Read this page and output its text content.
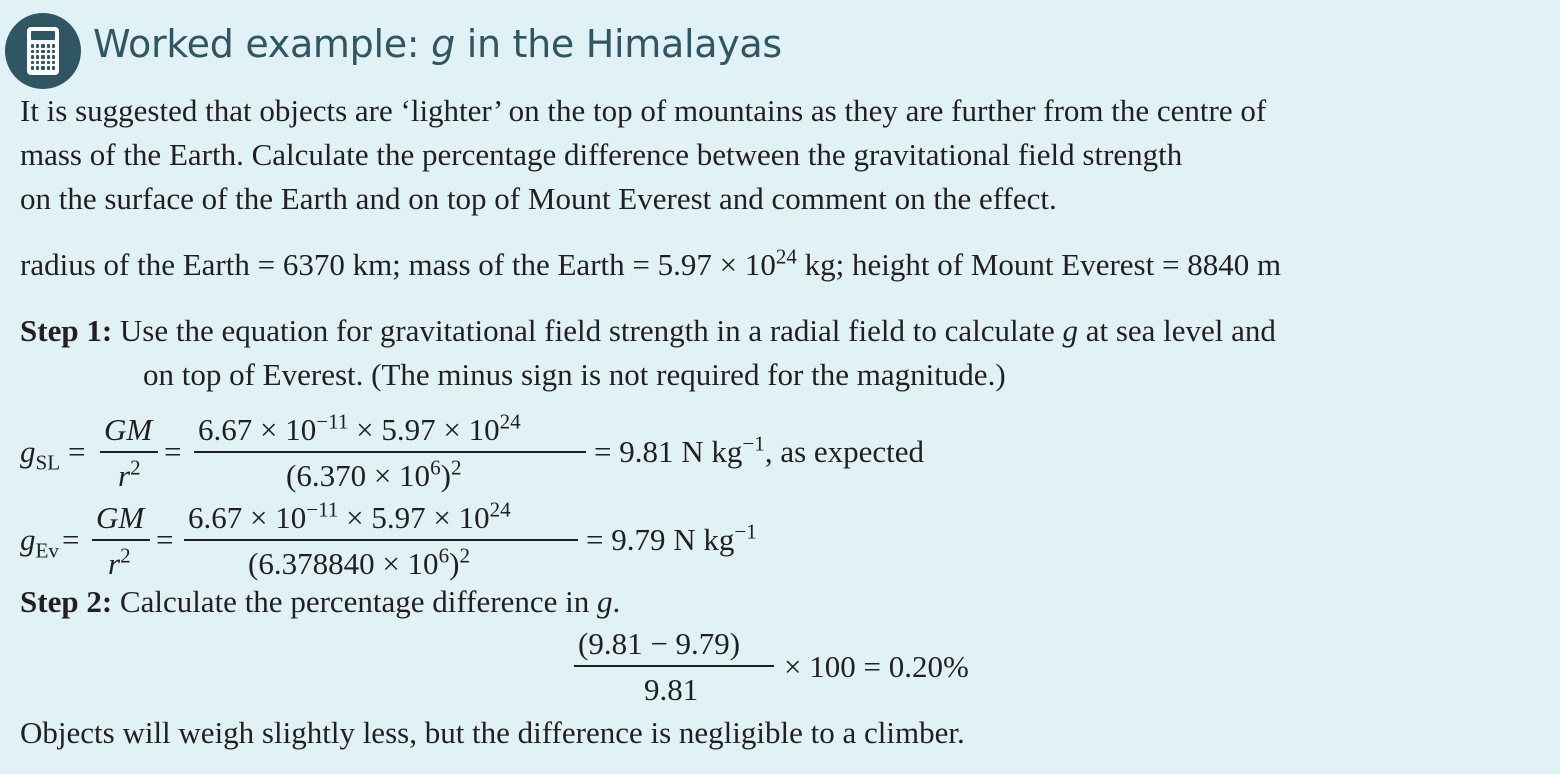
Worked example: g in the Himalayas
It is suggested that objects are ‘lighter’ on the top of mountains as they are further from the centre of
mass of the Earth. Calculate the percentage difference between the gravitational field strength
on the surface of the Earth and on top of Mount Everest and comment on the effect.
radius of the Earth = 6370 km; mass of the Earth = $5.97 \times 10^{24}$ kg; height of Mount Everest = 8840 m
Step 1: Use the equation for gravitational field strength in a radial field to calculate g at sea level and
on top of Everest. (The minus sign is not required for the magnitude.)
$g_{SL}$ =
GM
$r^2$ =
$6.67 \times 10^{-11} \times 5.97 \times 10^{24}$
$(6.370 \times 10^6)^2$	= 9.81 N $kg^{-1}$, as expected
$g_{Ev}$ =
GM
$r^2$ =
$6.67 \times 10^{-11} \times 5.97 \times 10^{24}$
$(6.378840 \times 10^6)^2$	= 9.79 N $kg^{-1}$
Step 2: Calculate the percentage difference in g.
(9.81 − 9.79)
9.81
× 100 = 0.20%
Objects will weigh slightly less, but the difference is negligible to a climber.
